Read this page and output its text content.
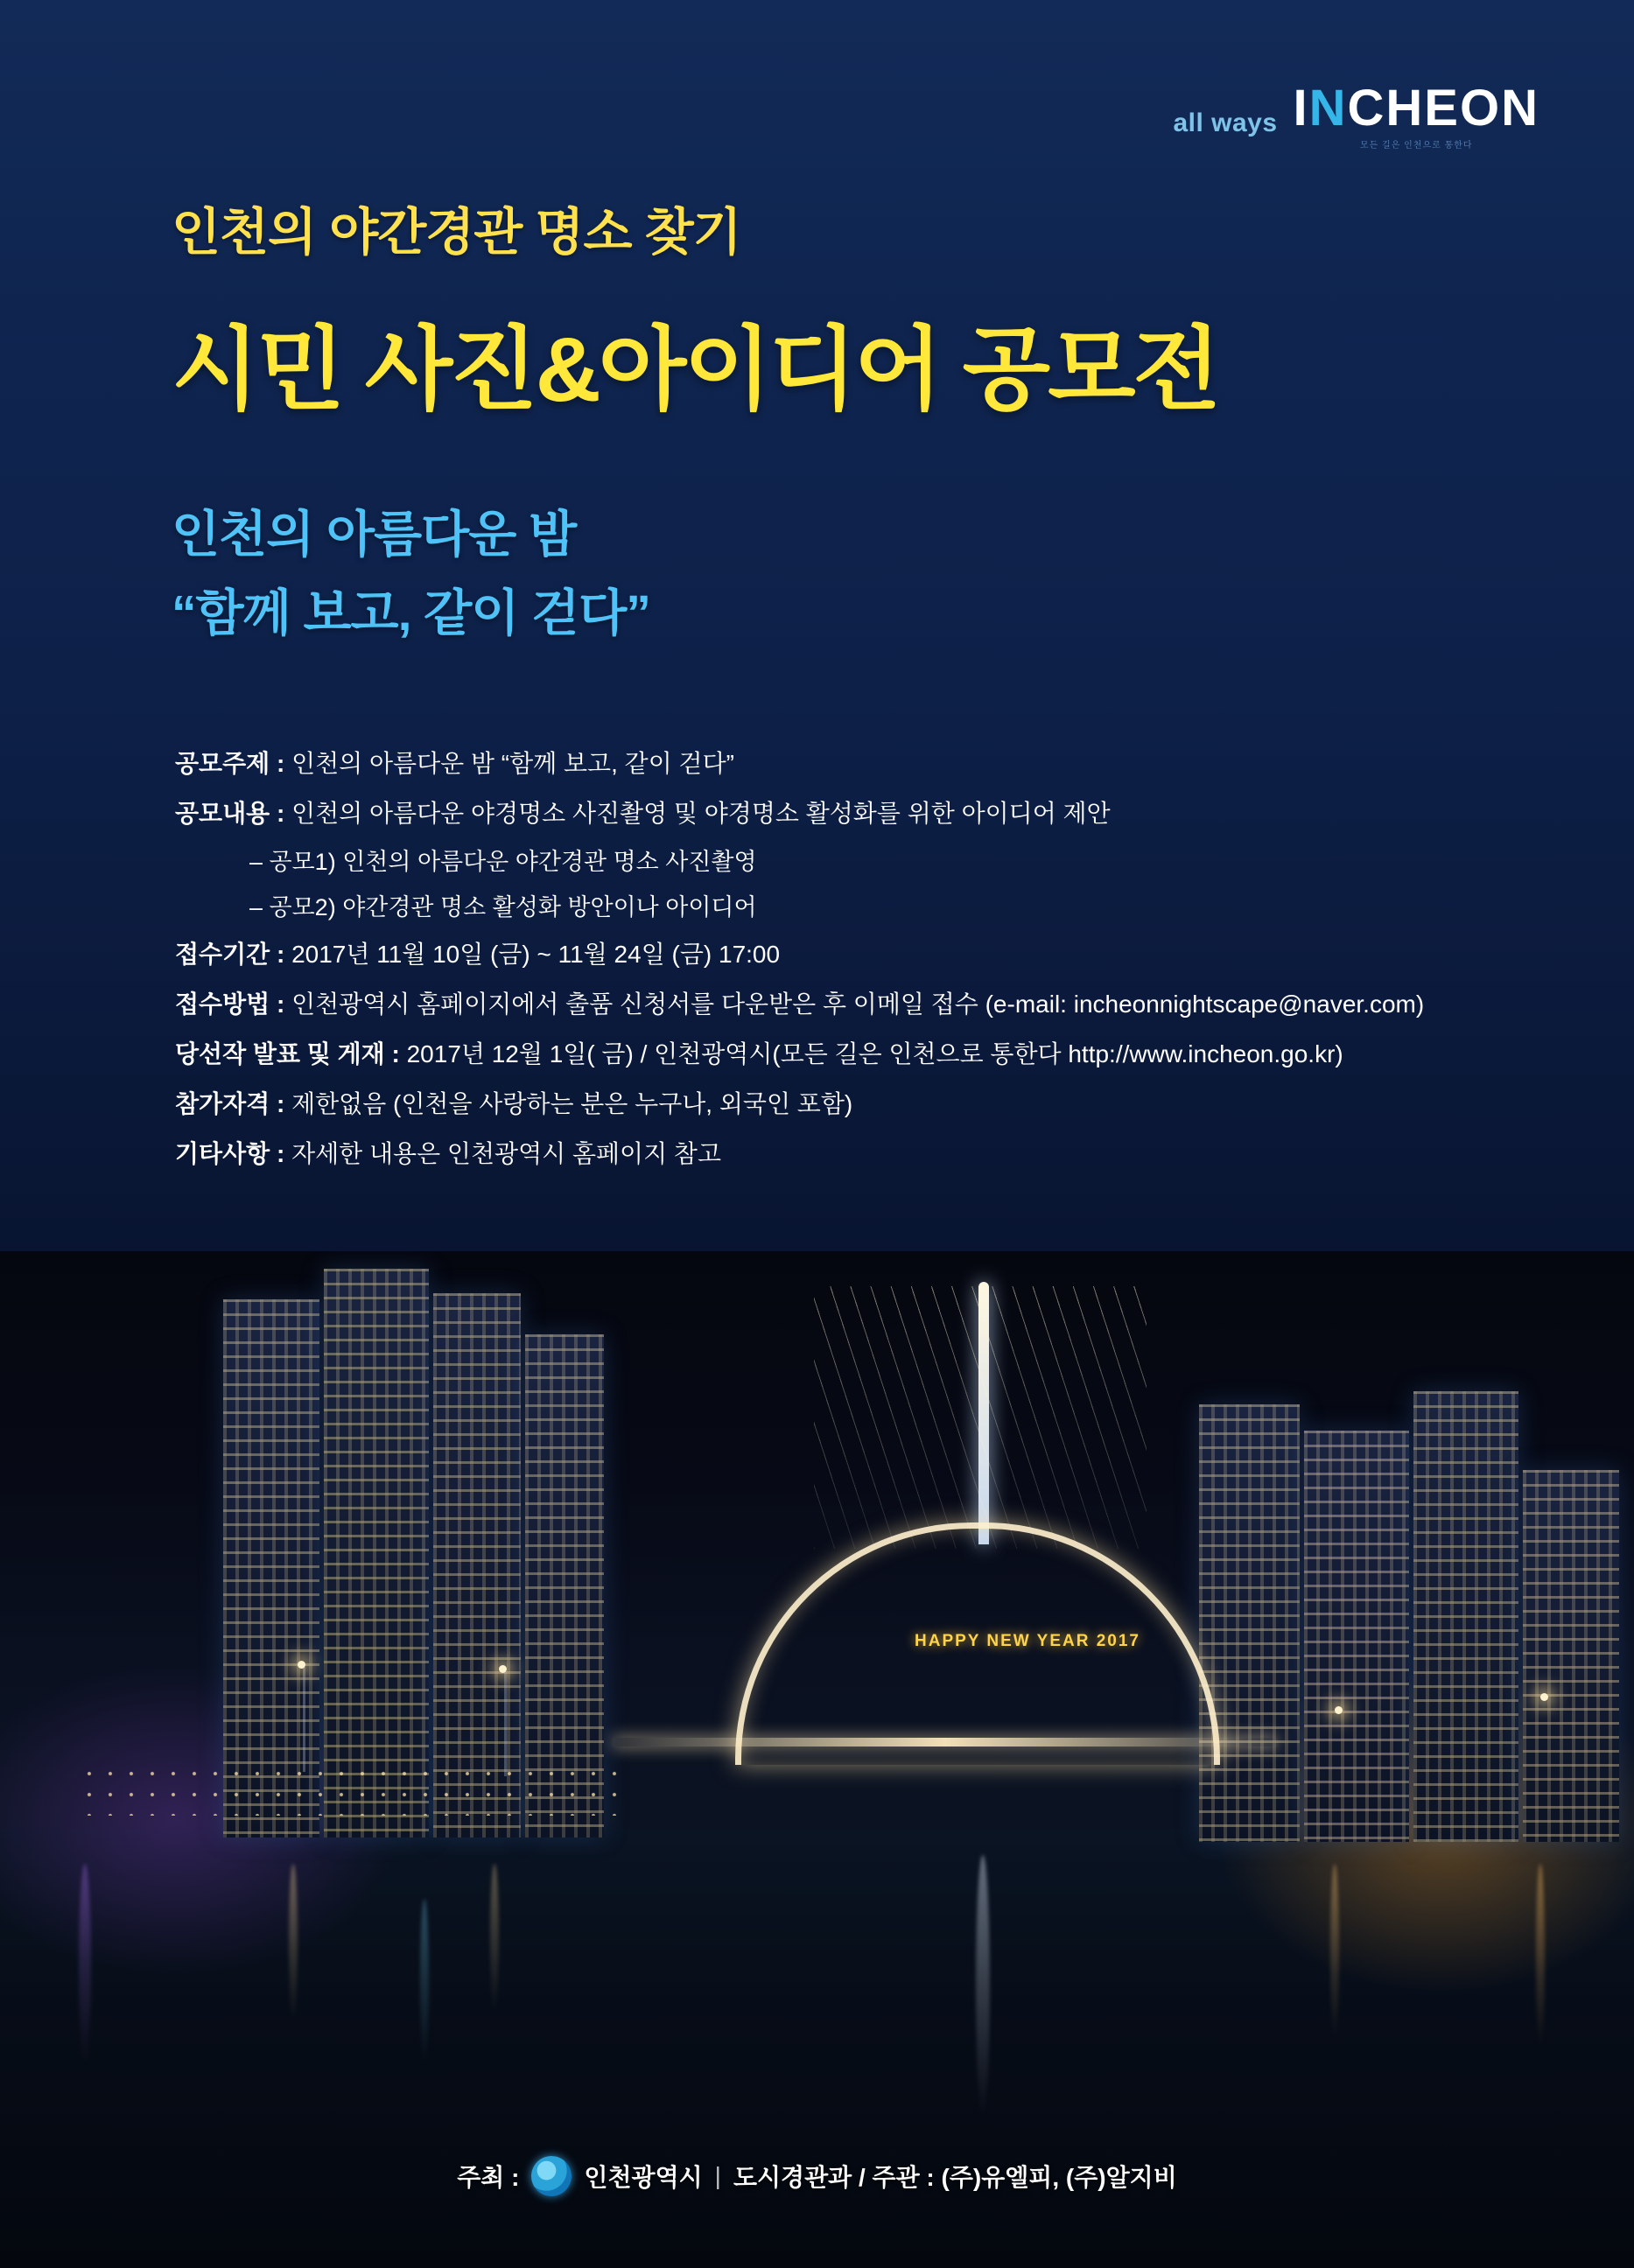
all ways INCHEON
모든 길은 인천으로 통한다
인천의 야간경관 명소 찾기
시민 사진&아이디어 공모전
인천의 아름다운 밤
“함께 보고, 같이 걷다”
공모주제 : 인천의 아름다운 밤 “함께 보고, 같이 걷다”
공모내용 : 인천의 아름다운 야경명소 사진촬영 및 야경명소 활성화를 위한 아이디어 제안
– 공모1) 인천의 아름다운 야간경관 명소 사진촬영
– 공모2) 야간경관 명소 활성화 방안이나 아이디어
접수기간 : 2017년 11월 10일 (금) ~ 11월 24일 (금) 17:00
접수방법 : 인천광역시 홈페이지에서 출품 신청서를 다운받은 후 이메일 접수 (e-mail: incheonnightscape@naver.com)
당선작 발표 및 게재 : 2017년 12월 1일( 금) / 인천광역시(모든 길은 인천으로 통한다 http://www.incheon.go.kr)
참가자격 : 제한없음 (인천을 사랑하는 분은 누구나, 외국인 포함)
기타사항 : 자세한 내용은 인천광역시 홈페이지 참고
HAPPY NEW YEAR 2017
주최 :	인천광역시 | 도시경관과 / 주관 : (주)유엘피, (주)알지비
